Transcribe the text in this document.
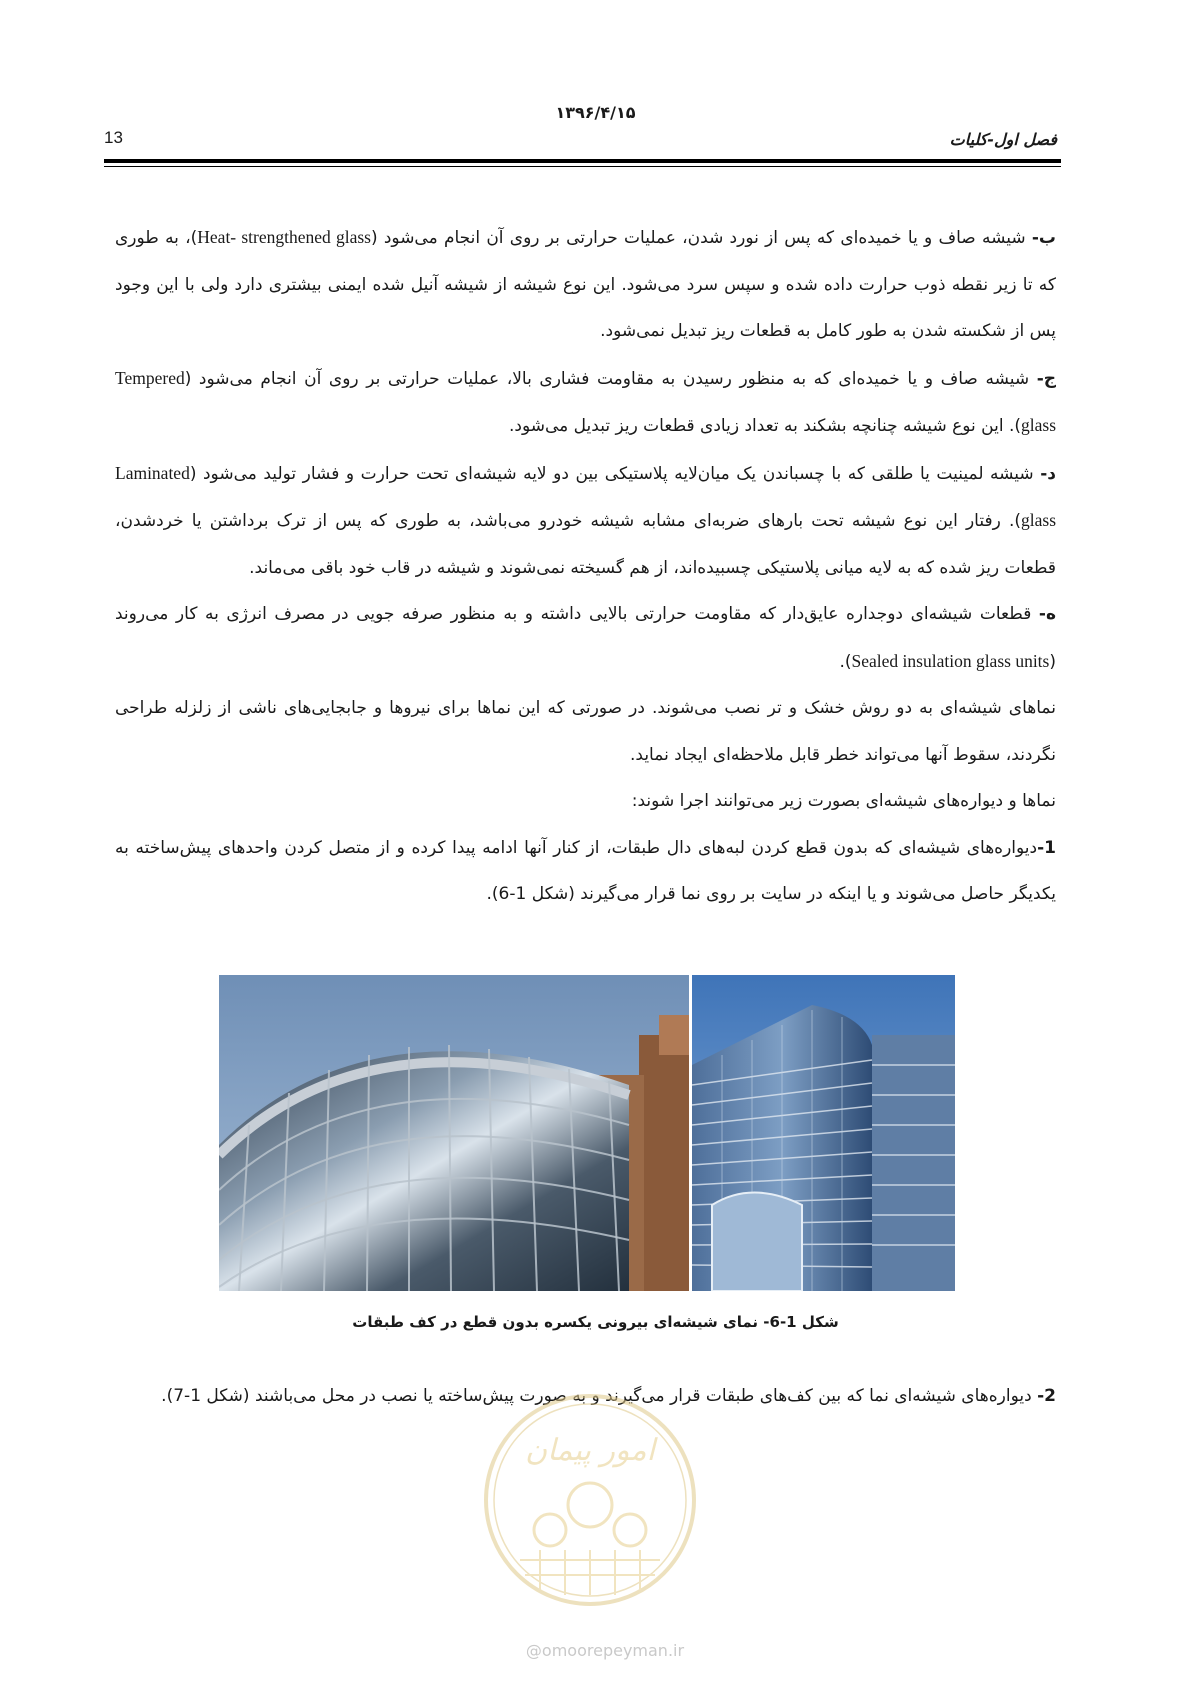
۱۳۹۶/۴/۱۵
13	فصل اول-کلیات

ب- شیشه صاف و یا خمیده‌ای که پس از نورد شدن، عملیات حرارتی بر روی آن انجام می‌شود (Heat- strengthened glass)، به طوری که تا زیر نقطه ذوب حرارت داده شده و سپس سرد می‌شود. این نوع شیشه از شیشه آنیل شده ایمنی بیشتری دارد ولی با این وجود پس از شکسته شدن به طور کامل به قطعات ریز تبدیل نمی‌شود.

ج- شیشه صاف و یا خمیده‌ای که به منظور رسیدن به مقاومت فشاری بالا، عملیات حرارتی بر روی آن انجام می‌شود (Tempered glass). این نوع شیشه چنانچه بشکند به تعداد زیادی قطعات ریز تبدیل می‌شود.

د- شیشه لمینیت یا طلقی که با چسباندن یک میان‌لایه پلاستیکی بین دو لایه شیشه‌ای تحت حرارت و فشار تولید می‌شود (Laminated glass). رفتار این نوع شیشه تحت بارهای ضربه‌ای مشابه شیشه خودرو می‌باشد، به طوری که پس از ترک برداشتن یا خردشدن، قطعات ریز شده که به لایه میانی پلاستیکی چسبیده‌اند، از هم گسیخته نمی‌شوند و شیشه در قاب خود باقی می‌ماند.

ه- قطعات شیشه‌ای دوجداره عایق‌دار که مقاومت حرارتی بالایی داشته و به منظور صرفه جویی در مصرف انرژی به کار می‌روند (Sealed insulation glass units).

نماهای شیشه‌ای به دو روش خشک و تر نصب می‌شوند. در صورتی که این نماها برای نیروها و جابجایی‌های ناشی از زلزله طراحی نگردند، سقوط آنها می‌تواند خطر قابل ملاحظه‌ای ایجاد نماید.

نماها و دیواره‌های شیشه‌ای بصورت زیر می‌توانند اجرا شوند:

1-دیواره‌های شیشه‌ای که بدون قطع کردن لبه‌های دال طبقات، از کنار آنها ادامه پیدا کرده و از متصل کردن واحدهای پیش‌ساخته به یکدیگر حاصل می‌شوند و یا اینکه در سایت بر روی نما قرار می‌گیرند (شکل 1-6).

شکل 1-6- نمای شیشه‌ای بیرونی یکسره بدون قطع در کف طبقات

2- دیواره‌های شیشه‌ای نما که بین کف‌های طبقات قرار می‌گیرند و به صورت پیش‌ساخته یا نصب در محل می‌باشند (شکل 1-7).

امور پیمان
@omoorepeyman.ir
